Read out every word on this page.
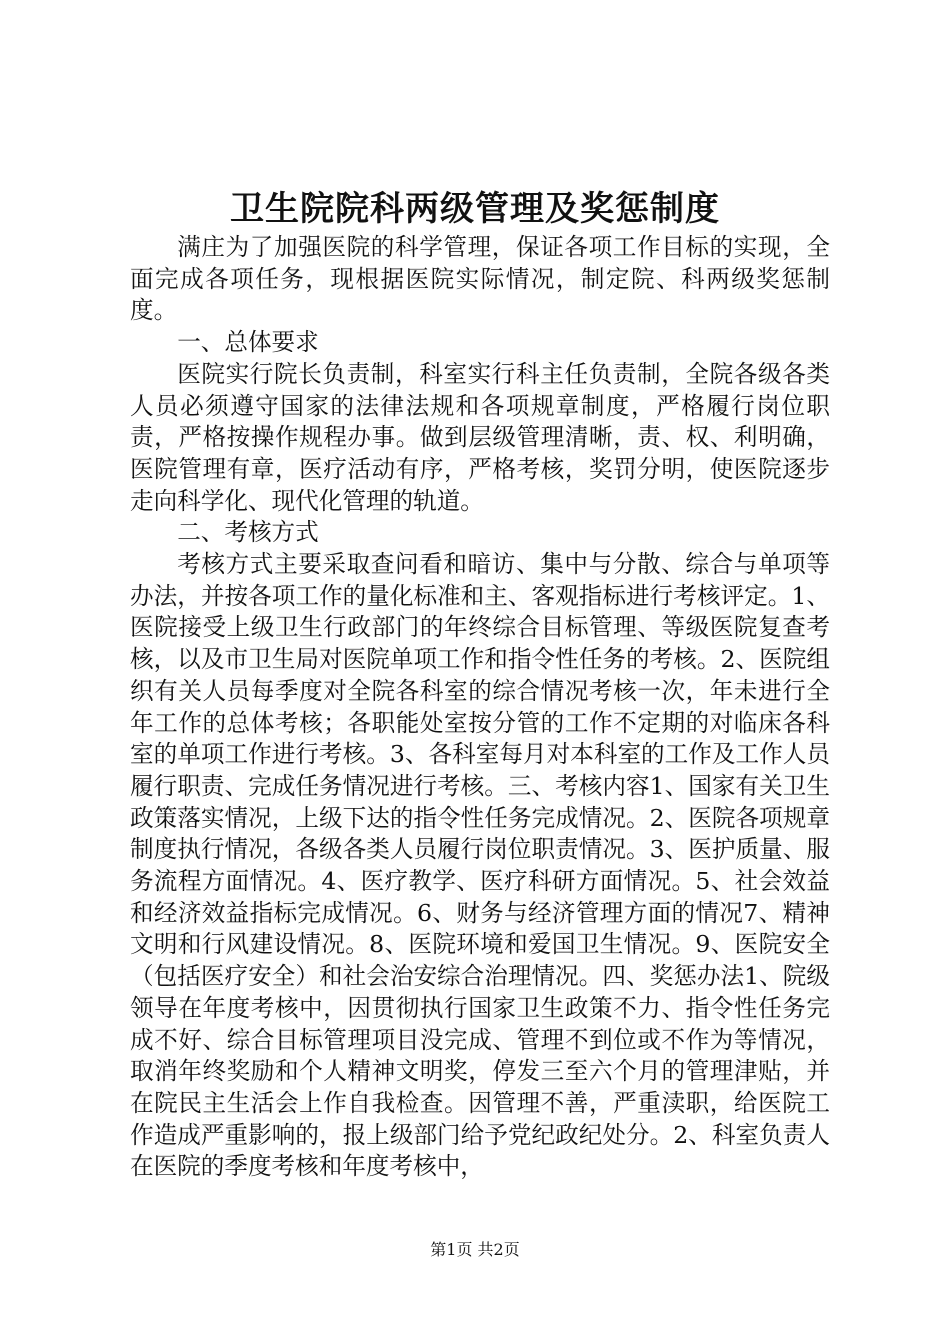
卫生院院科两级管理及奖惩制度

满庄为了加强医院的科学管理，保证各项工作目标的实现，全面完成各项任务，现根据医院实际情况，制定院、科两级奖惩制度。

一、总体要求

医院实行院长负责制，科室实行科主任负责制，全院各级各类人员必须遵守国家的法律法规和各项规章制度，严格履行岗位职责，严格按操作规程办事。做到层级管理清晰，责、权、利明确，医院管理有章，医疗活动有序，严格考核，奖罚分明，使医院逐步走向科学化、现代化管理的轨道。

二、考核方式

考核方式主要采取查问看和暗访、集中与分散、综合与单项等办法，并按各项工作的量化标准和主、客观指标进行考核评定。1、医院接受上级卫生行政部门的年终综合目标管理、等级医院复查考核，以及市卫生局对医院单项工作和指令性任务的考核。2、医院组织有关人员每季度对全院各科室的综合情况考核一次，年未进行全年工作的总体考核；各职能处室按分管的工作不定期的对临床各科室的单项工作进行考核。3、各科室每月对本科室的工作及工作人员履行职责、完成任务情况进行考核。三、考核内容1、国家有关卫生政策落实情况，上级下达的指令性任务完成情况。2、医院各项规章制度执行情况，各级各类人员履行岗位职责情况。3、医护质量、服务流程方面情况。4、医疗教学、医疗科研方面情况。5、社会效益和经济效益指标完成情况。6、财务与经济管理方面的情况7、精神文明和行风建设情况。8、医院环境和爱国卫生情况。9、医院安全（包括医疗安全）和社会治安综合治理情况。四、奖惩办法1、院级领导在年度考核中，因贯彻执行国家卫生政策不力、指令性任务完成不好、综合目标管理项目没完成、管理不到位或不作为等情况，取消年终奖励和个人精神文明奖，停发三至六个月的管理津贴，并在院民主生活会上作自我检查。因管理不善，严重渎职，给医院工作造成严重影响的，报上级部门给予党纪政纪处分。2、科室负责人在医院的季度考核和年度考核中，

第1页 共2页
